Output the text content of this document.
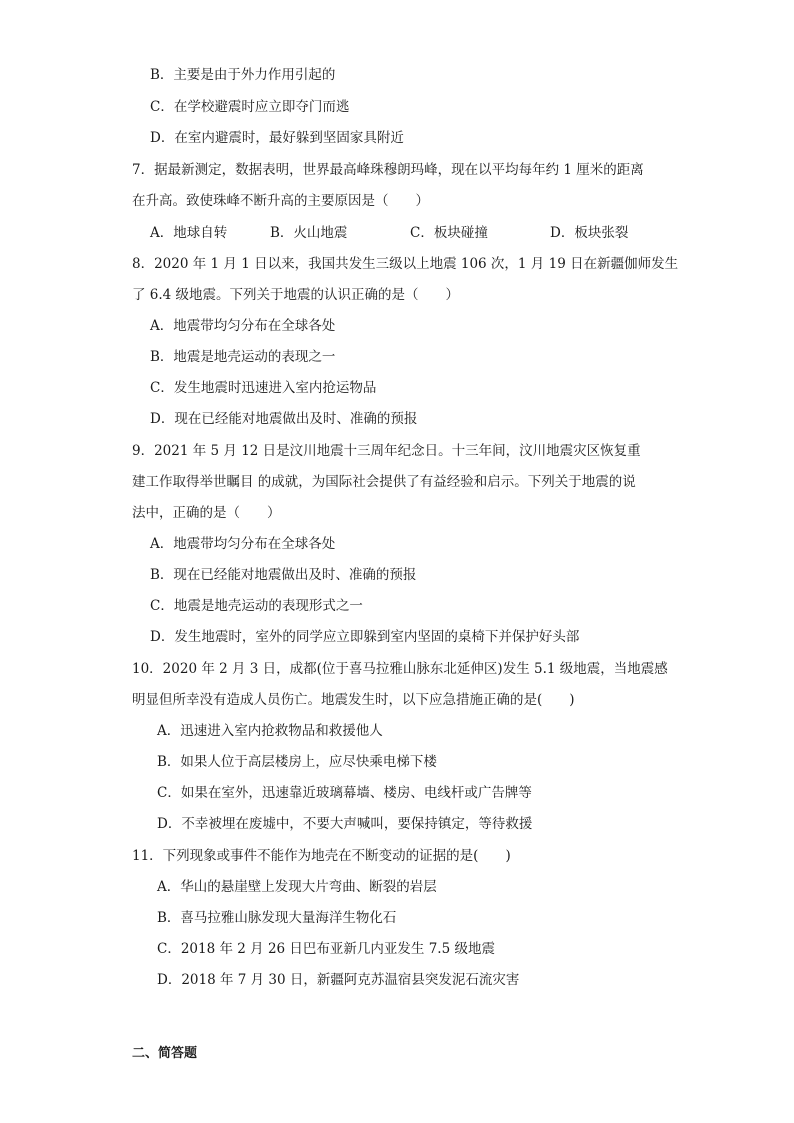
B．主要是由于外力作用引起的
C．在学校避震时应立即夺门而逃
D．在室内避震时，最好躲到坚固家具附近
7．据最新测定，数据表明，世界最高峰珠穆朗玛峰，现在以平均每年约 1 厘米的距离
在升高。致使珠峰不断升高的主要原因是（　　）
A．地球自转	B．火山地震	C．板块碰撞	D．板块张裂
8．2020 年 1 月 1 日以来，我国共发生三级以上地震 106 次，1 月 19 日在新疆伽师发生
了 6.4 级地震。下列关于地震的认识正确的是（　　）
A．地震带均匀分布在全球各处
B．地震是地壳运动的表现之一
C．发生地震时迅速进入室内抢运物品
D．现在已经能对地震做出及时、准确的预报
9．2021 年 5 月 12 日是汶川地震十三周年纪念日。十三年间，汶川地震灾区恢复重
建工作取得举世瞩目 的成就，为国际社会提供了有益经验和启示。下列关于地震的说
法中，正确的是（　　）
A．地震带均匀分布在全球各处
B．现在已经能对地震做出及时、准确的预报
C．地震是地壳运动的表现形式之一
D．发生地震时，室外的同学应立即躲到室内坚固的桌椅下并保护好头部
10．2020 年 2 月 3 日，成都(位于喜马拉雅山脉东北延伸区)发生 5.1 级地震，当地震感
明显但所幸没有造成人员伤亡。地震发生时，以下应急措施正确的是(　　)
A．迅速进入室内抢救物品和救援他人
B．如果人位于高层楼房上，应尽快乘电梯下楼
C．如果在室外，迅速靠近玻璃幕墙、楼房、电线杆或广告牌等
D．不幸被埋在废墟中，不要大声喊叫，要保持镇定，等待救援
11．下列现象或事件不能作为地壳在不断变动的证据的是(　　)
A．华山的悬崖壁上发现大片弯曲、断裂的岩层
B．喜马拉雅山脉发现大量海洋生物化石
C．2018 年 2 月 26 日巴布亚新几内亚发生 7.5 级地震
D．2018 年 7 月 30 日，新疆阿克苏温宿县突发泥石流灾害
二、简答题
